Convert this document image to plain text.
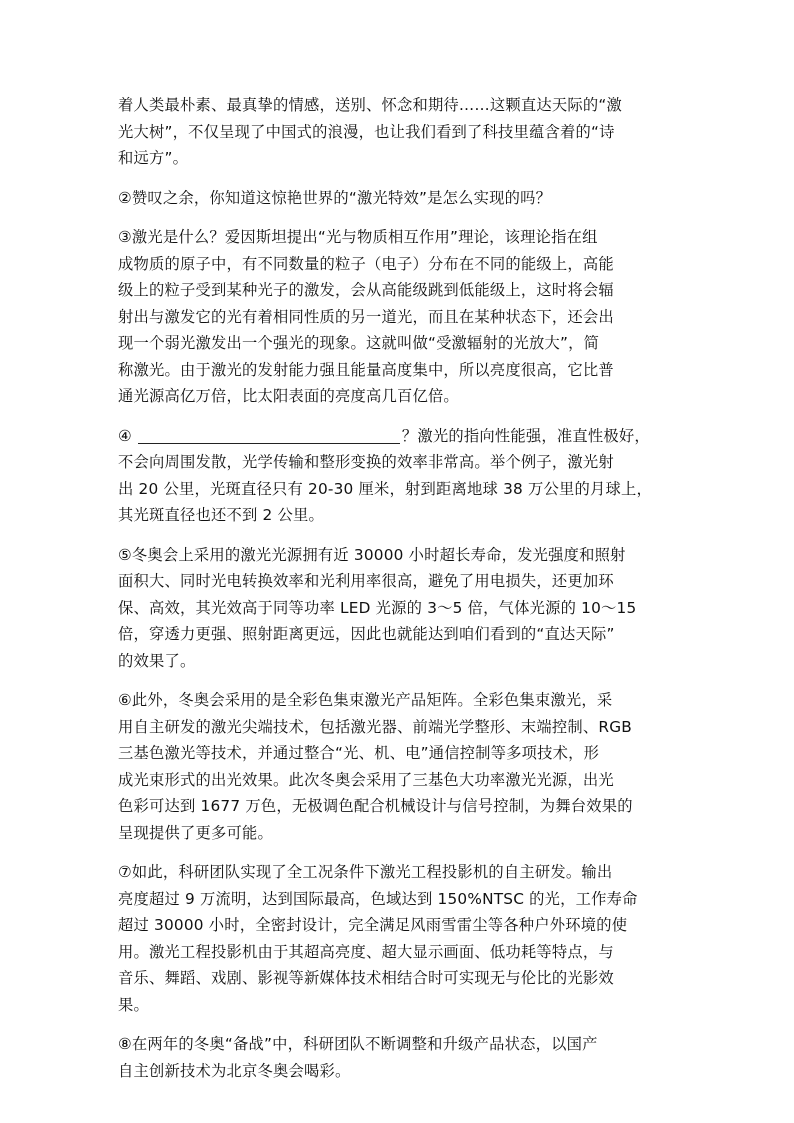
着人类最朴素、最真挚的情感，送别、怀念和期待……这颗直达天际的“激
光大树”，不仅呈现了中国式的浪漫，也让我们看到了科技里蕴含着的“诗
和远方”。

②赞叹之余，你知道这惊艳世界的“激光特效”是怎么实现的吗？

③激光是什么？爱因斯坦提出“光与物质相互作用”理论，该理论指在组
成物质的原子中，有不同数量的粒子（电子）分布在不同的能级上，高能
级上的粒子受到某种光子的激发，会从高能级跳到低能级上，这时将会辐
射出与激发它的光有着相同性质的另一道光，而且在某种状态下，还会出
现一个弱光激发出一个强光的现象。这就叫做“受激辐射的光放大”，简
称激光。由于激光的发射能力强且能量高度集中，所以亮度很高，它比普
通光源高亿万倍，比太阳表面的亮度高几百亿倍。

④	？激光的指向性能强，准直性极好，
不会向周围发散，光学传输和整形变换的效率非常高。举个例子，激光射
出 20 公里，光斑直径只有 20-30 厘米，射到距离地球 38 万公里的月球上，
其光斑直径也还不到 2 公里。

⑤冬奥会上采用的激光光源拥有近 30000 小时超长寿命，发光强度和照射
面积大、同时光电转换效率和光利用率很高，避免了用电损失，还更加环
保、高效，其光效高于同等功率 LED 光源的 3～5 倍，气体光源的 10～15
倍，穿透力更强、照射距离更远，因此也就能达到咱们看到的“直达天际”
的效果了。

⑥此外，冬奥会采用的是全彩色集束激光产品矩阵。全彩色集束激光，采
用自主研发的激光尖端技术，包括激光器、前端光学整形、末端控制、RGB
三基色激光等技术，并通过整合“光、机、电”通信控制等多项技术，形
成光束形式的出光效果。此次冬奥会采用了三基色大功率激光光源，出光
色彩可达到 1677 万色，无极调色配合机械设计与信号控制，为舞台效果的
呈现提供了更多可能。

⑦如此，科研团队实现了全工况条件下激光工程投影机的自主研发。输出
亮度超过 9 万流明，达到国际最高，色域达到 150%NTSC 的光，工作寿命
超过 30000 小时，全密封设计，完全满足风雨雪雷尘等各种户外环境的使
用。激光工程投影机由于其超高亮度、超大显示画面、低功耗等特点，与
音乐、舞蹈、戏剧、影视等新媒体技术相结合时可实现无与伦比的光影效
果。

⑧在两年的冬奥“备战”中，科研团队不断调整和升级产品状态，以国产
自主创新技术为北京冬奥会喝彩。
